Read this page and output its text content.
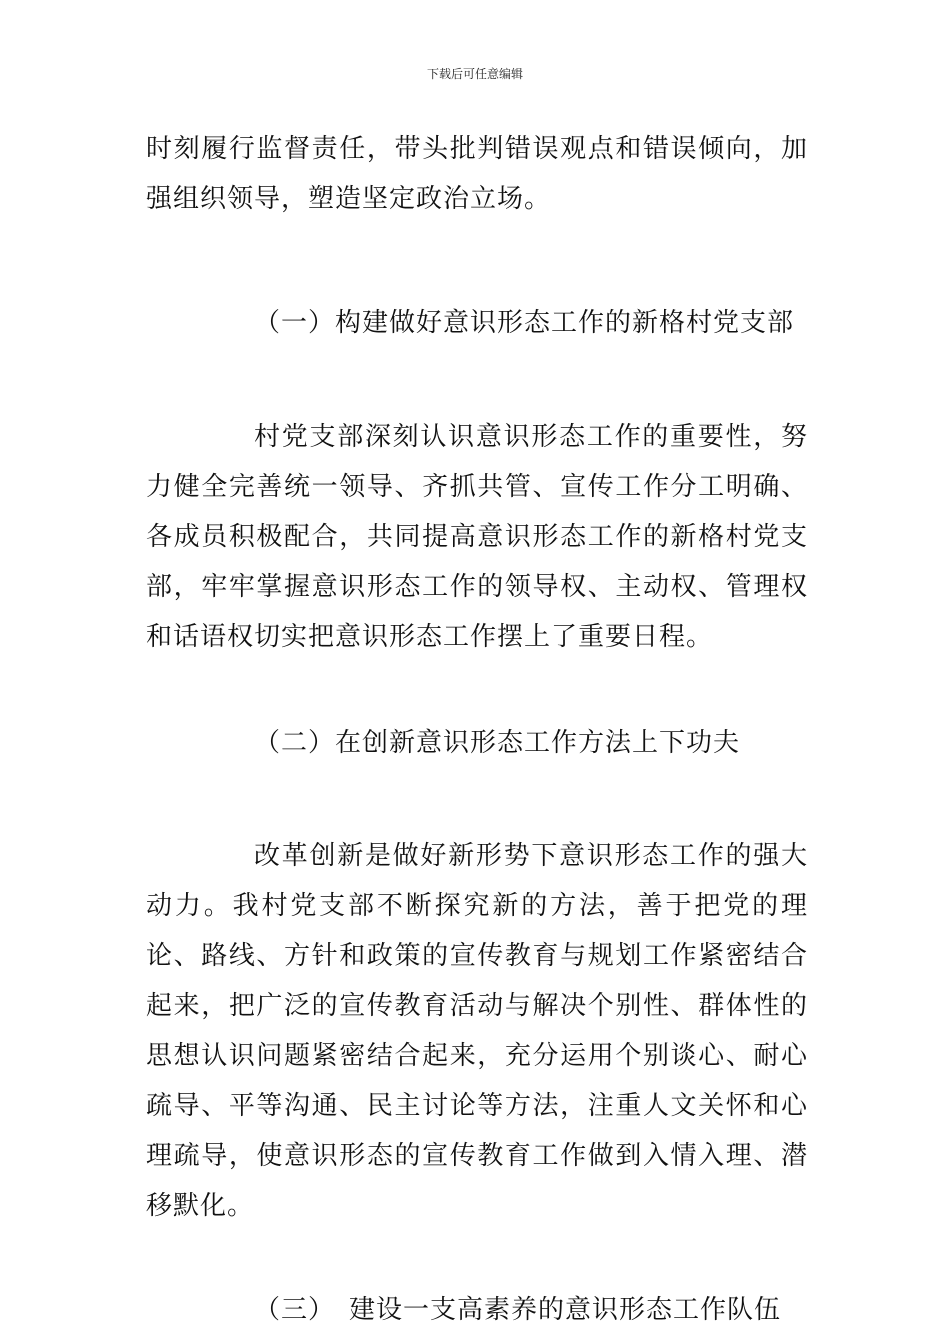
下载后可任意编辑

时刻履行监督责任，带头批判错误观点和错误倾向，加强组织领导，塑造坚定政治立场。

（一）构建做好意识形态工作的新格村党支部

村党支部深刻认识意识形态工作的重要性，努力健全完善统一领导、齐抓共管、宣传工作分工明确、各成员积极配合，共同提高意识形态工作的新格村党支部，牢牢掌握意识形态工作的领导权、主动权、管理权和话语权切实把意识形态工作摆上了重要日程。

（二）在创新意识形态工作方法上下功夫

改革创新是做好新形势下意识形态工作的强大动力。我村党支部不断探究新的方法，善于把党的理论、路线、方针和政策的宣传教育与规划工作紧密结合起来，把广泛的宣传教育活动与解决个别性、群体性的思想认识问题紧密结合起来，充分运用个别谈心、耐心疏导、平等沟通、民主讨论等方法，注重人文关怀和心理疏导，使意识形态的宣传教育工作做到入情入理、潜移默化。

（三）　建设一支高素养的意识形态工作队伍
